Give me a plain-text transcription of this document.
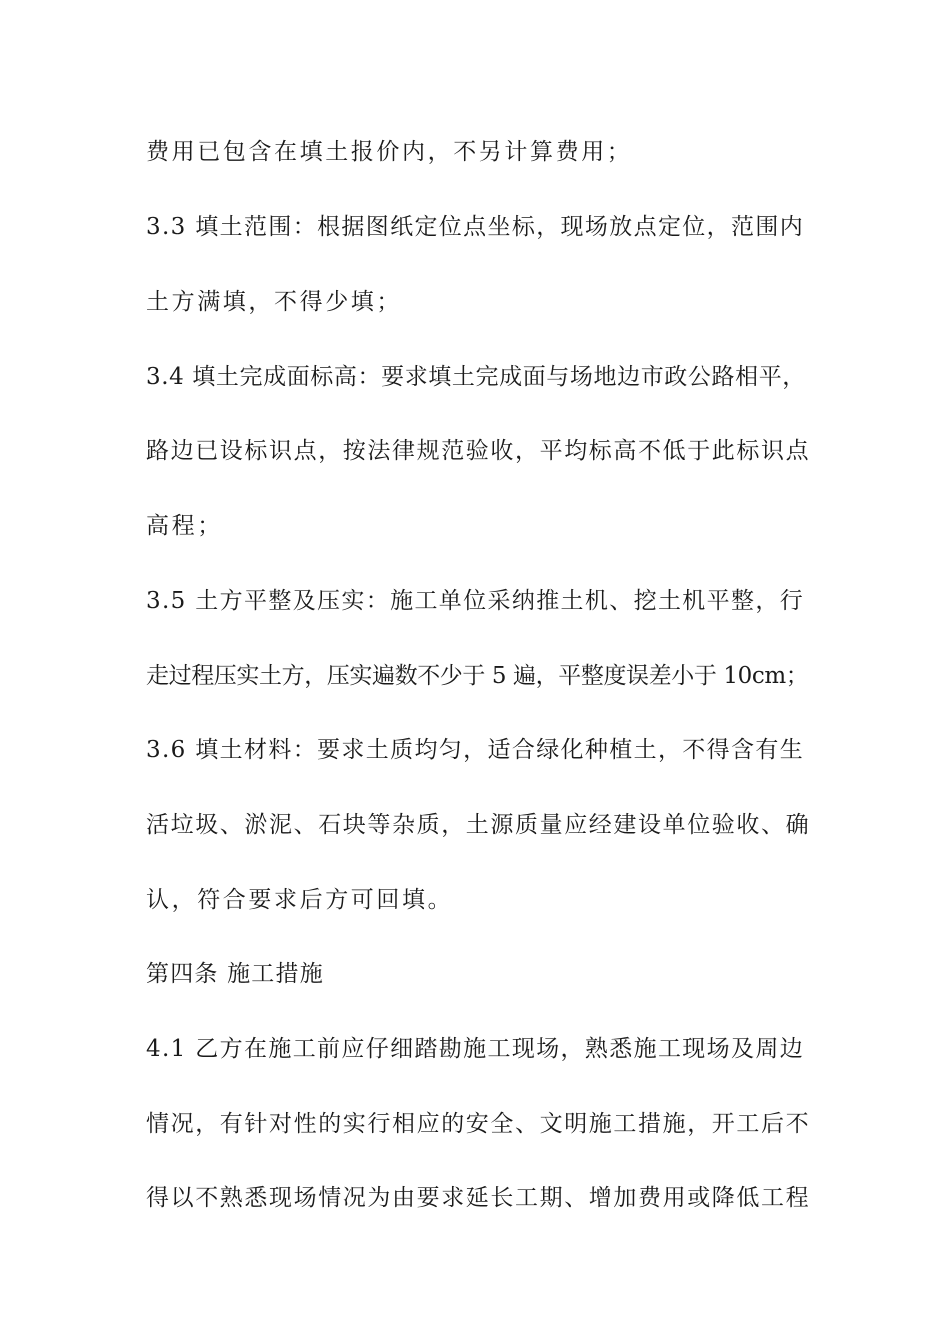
费用已包含在填土报价内，不另计算费用；
3.3 填土范围：根据图纸定位点坐标，现场放点定位，范围内
土方满填，不得少填；
3.4 填土完成面标高：要求填土完成面与场地边市政公路相平，
路边已设标识点，按法律规范验收，平均标高不低于此标识点
高程；
3.5 土方平整及压实：施工单位采纳推土机、挖土机平整，行
走过程压实土方，压实遍数不少于 5 遍，平整度误差小于 10cm；
3.6 填土材料：要求土质均匀，适合绿化种植土，不得含有生
活垃圾、淤泥、石块等杂质，土源质量应经建设单位验收、确
认，符合要求后方可回填。
第四条 施工措施
4.1 乙方在施工前应仔细踏勘施工现场，熟悉施工现场及周边
情况，有针对性的实行相应的安全、文明施工措施，开工后不
得以不熟悉现场情况为由要求延长工期、增加费用或降低工程
